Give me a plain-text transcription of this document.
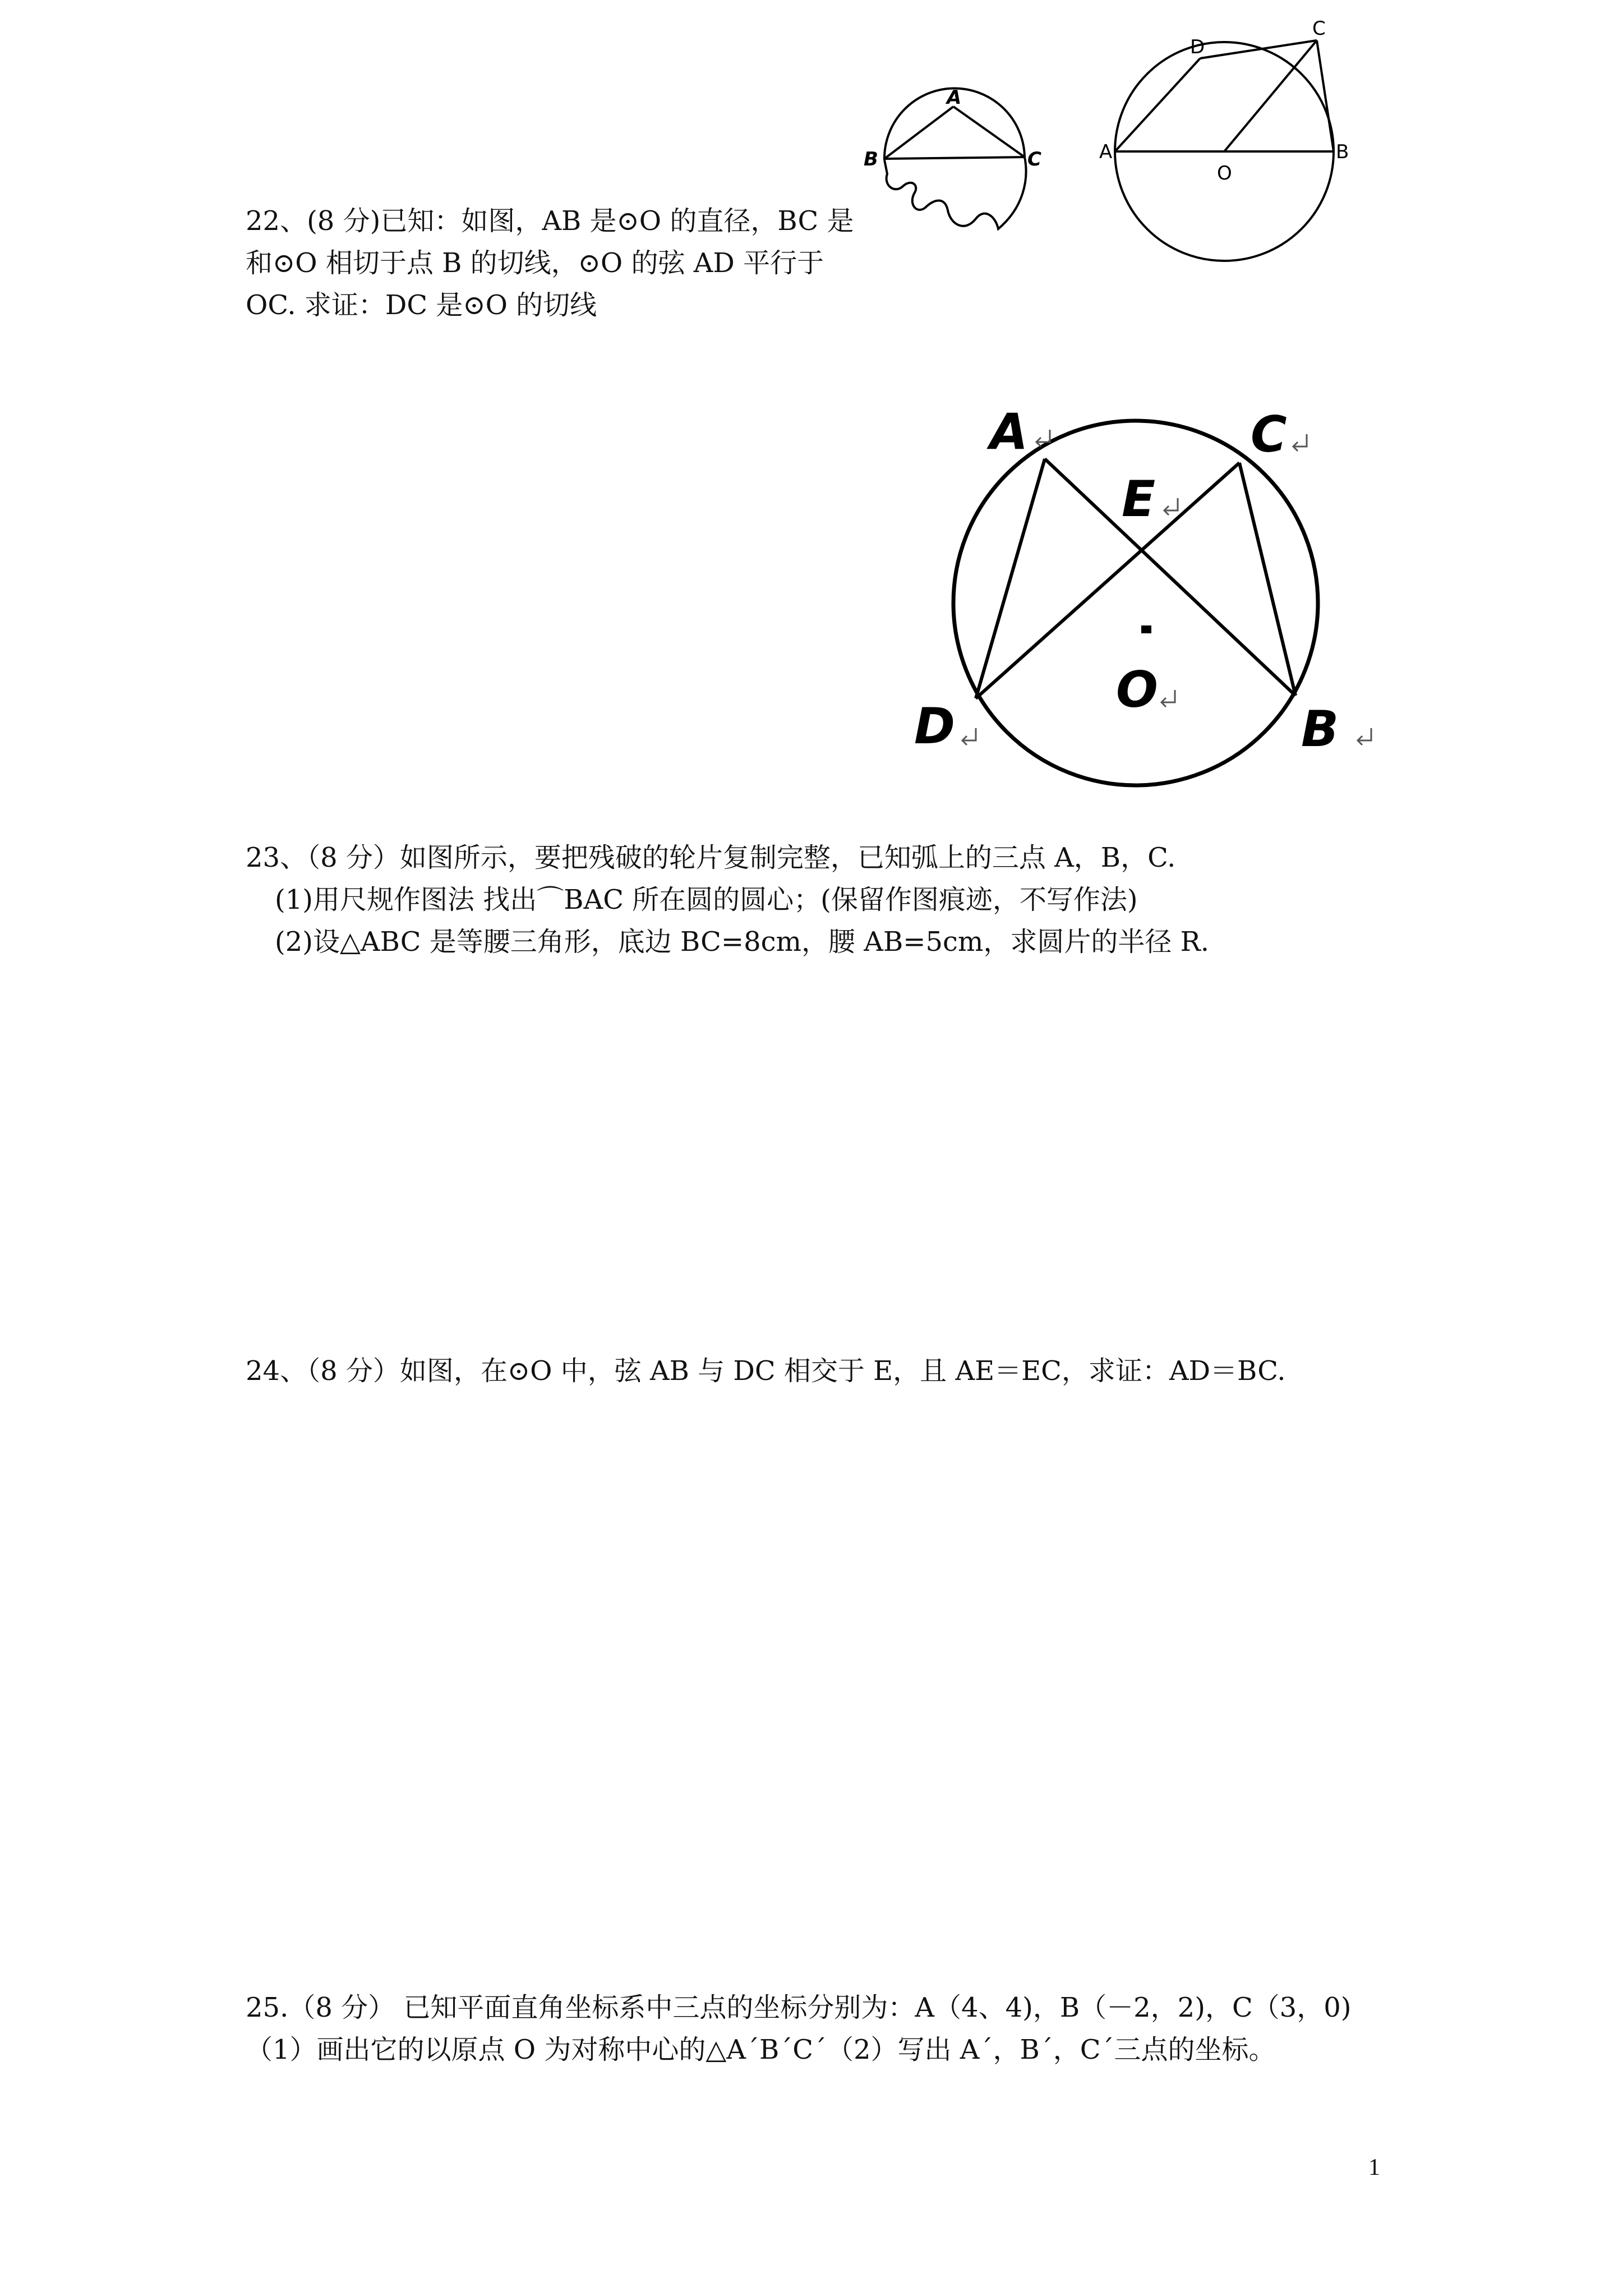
22、(8 分)已知：如图，AB 是⊙O 的直径，BC 是
和⊙O 相切于点 B 的切线，⊙O 的弦 AD 平行于
OC. 求证：DC 是⊙O 的切线
A
B	C	A	B
C
D
O
A	C
E
O
D	B
23、（8 分）如图所示，要把残破的轮片复制完整，已知弧上的三点 A，B，C.
(1)用尺规作图法 找出⌒BAC 所在圆的圆心；(保留作图痕迹，不写作法)
(2)设△ABC 是等腰三角形，底边 BC=8cm，腰 AB=5cm，求圆片的半径 R.
24、（8 分）如图，在⊙O 中，弦 AB 与 DC 相交于 E，且 AE＝EC，求证：AD＝BC.
25.（8 分） 已知平面直角坐标系中三点的坐标分别为：A（4、4)，B（－2，2)，C（3，0)
（1）画出它的以原点 O 为对称中心的△A´B´C´（2）写出 A´，B´，C´三点的坐标。
1
